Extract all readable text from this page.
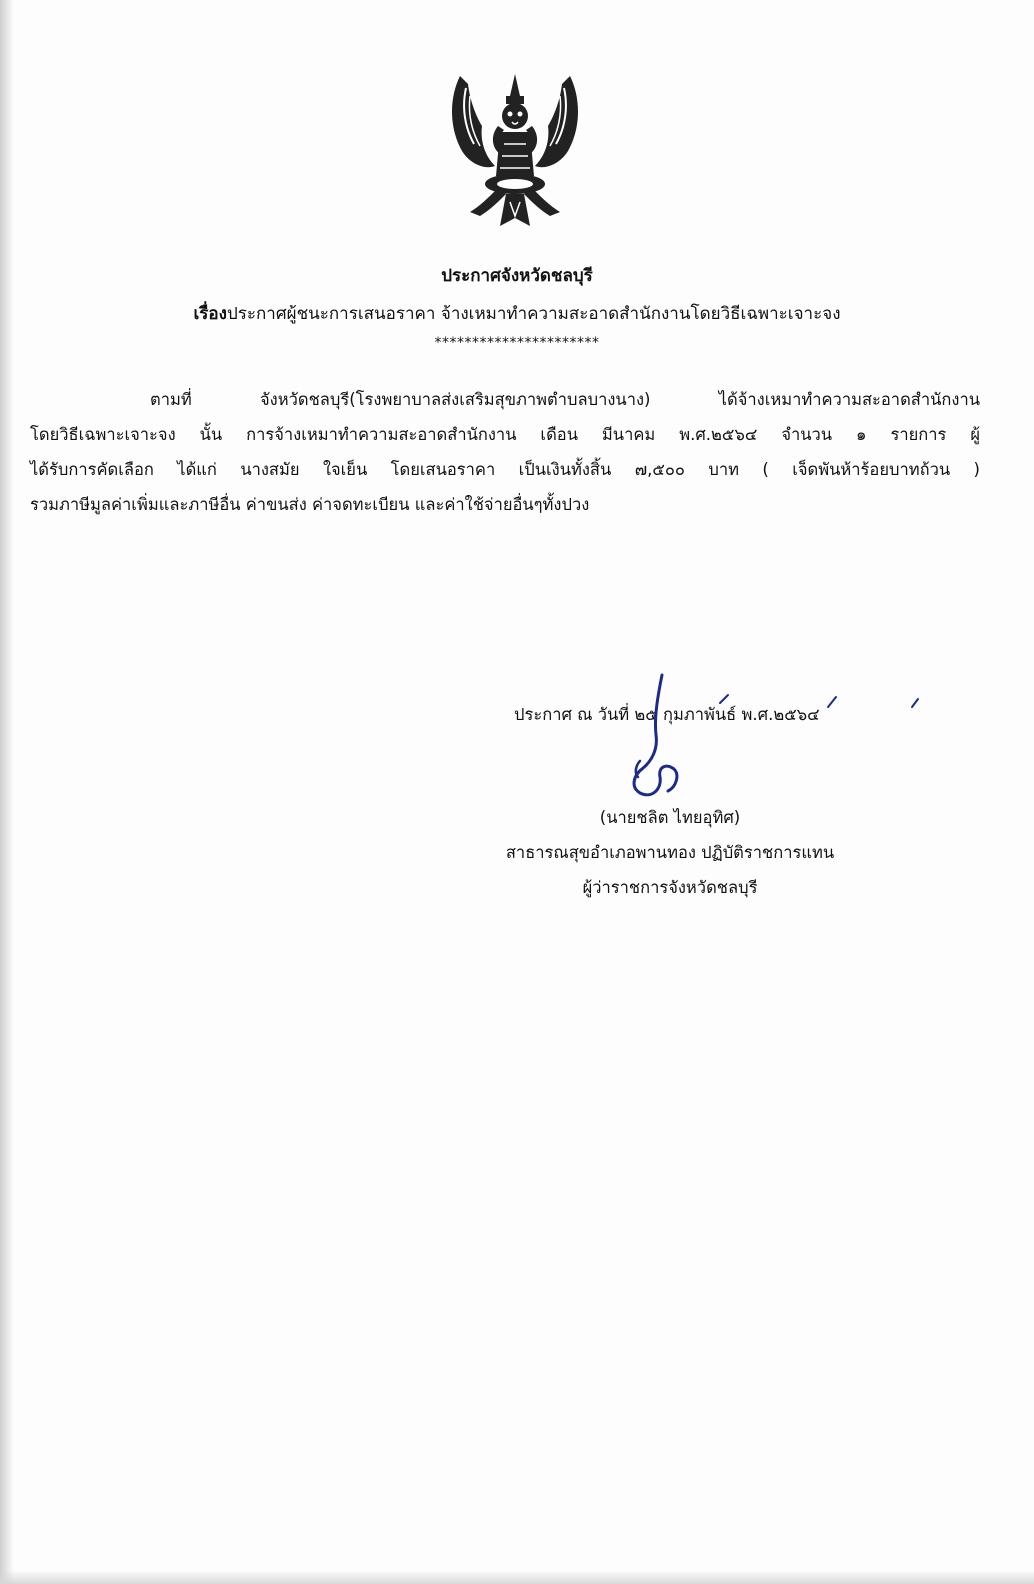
ประกาศจังหวัดชลบุรี
เรื่องประกาศผู้ชนะการเสนอราคา จ้างเหมาทำความสะอาดสำนักงานโดยวิธีเฉพาะเจาะจง
**********************
ตามที่ จังหวัดชลบุรี(โรงพยาบาลส่งเสริมสุขภาพตำบลบางนาง) ได้จ้างเหมาทำความสะอาดสำนักงาน
โดยวิธีเฉพาะเจาะจง นั้น การจ้างเหมาทำความสะอาดสำนักงาน เดือน มีนาคม พ.ศ.๒๕๖๔ จำนวน ๑ รายการ ผู้
ได้รับการคัดเลือก ได้แก่ นางสมัย ใจเย็น โดยเสนอราคา เป็นเงินทั้งสิ้น ๗,๕๐๐ บาท ( เจ็ดพันห้าร้อยบาทถ้วน )
รวมภาษีมูลค่าเพิ่มและภาษีอื่น ค่าขนส่ง ค่าจดทะเบียน และค่าใช้จ่ายอื่นๆทั้งปวง
ประกาศ ณ วันที่ ๒๕ กุมภาพันธ์ พ.ศ.๒๕๖๔
(นายชลิต ไทยอุทิศ)
สาธารณสุขอำเภอพานทอง ปฏิบัติราชการแทน
ผู้ว่าราชการจังหวัดชลบุรี
